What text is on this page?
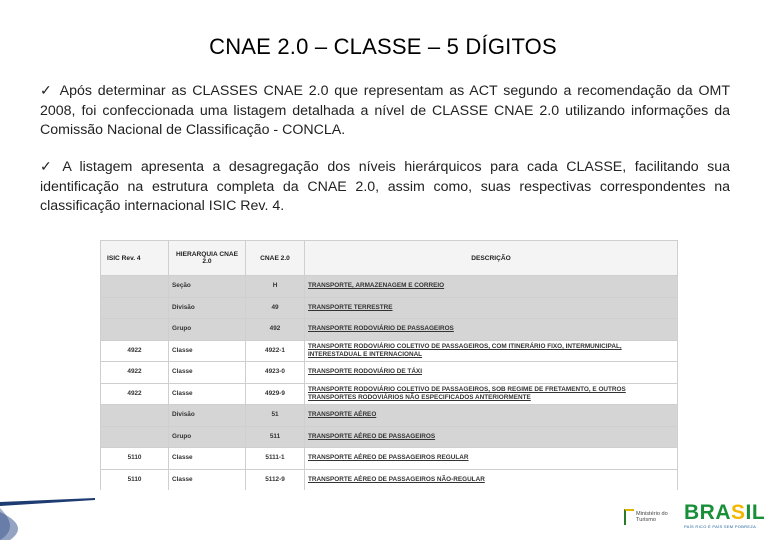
CNAE 2.0 – CLASSE – 5 DÍGITOS
✓ Após determinar as CLASSES CNAE 2.0 que representam as ACT segundo a recomendação da OMT 2008, foi confeccionada uma listagem detalhada a nível de CLASSE CNAE 2.0 utilizando informações da Comissão Nacional de Classificação - CONCLA.
✓ A listagem apresenta a desagregação dos níveis hierárquicos para cada CLASSE, facilitando sua identificação na estrutura completa da CNAE 2.0, assim como, suas respectivas correspondentes na classificação internacional ISIC Rev. 4.
ISIC Rev. 4	HIERARQUIA CNAE 2.0	CNAE 2.0	DESCRIÇÃO
	Seção	H	TRANSPORTE, ARMAZENAGEM E CORREIO
	Divisão	49	TRANSPORTE TERRESTRE
	Grupo	492	TRANSPORTE RODOVIÁRIO DE PASSAGEIROS
4922	Classe	4922-1	TRANSPORTE RODOVIÁRIO COLETIVO DE PASSAGEIROS, COM ITINERÁRIO FIXO, INTERMUNICIPAL, INTERESTADUAL E INTERNACIONAL
4922	Classe	4923-0	TRANSPORTE RODOVIÁRIO DE TÁXI
4922	Classe	4929-9	TRANSPORTE RODOVIÁRIO COLETIVO DE PASSAGEIROS, SOB REGIME DE FRETAMENTO, E OUTROS TRANSPORTES RODOVIÁRIOS NÃO ESPECIFICADOS ANTERIORMENTE
	Divisão	51	TRANSPORTE AÉREO
	Grupo	511	TRANSPORTE AÉREO DE PASSAGEIROS
5110	Classe	5111-1	TRANSPORTE AÉREO DE PASSAGEIROS REGULAR
5110	Classe	5112-9	TRANSPORTE AÉREO DE PASSAGEIROS NÃO-REGULAR
Ministério do
Turismo	BRASIL
PAÍS RICO É PAÍS SEM POBREZA
